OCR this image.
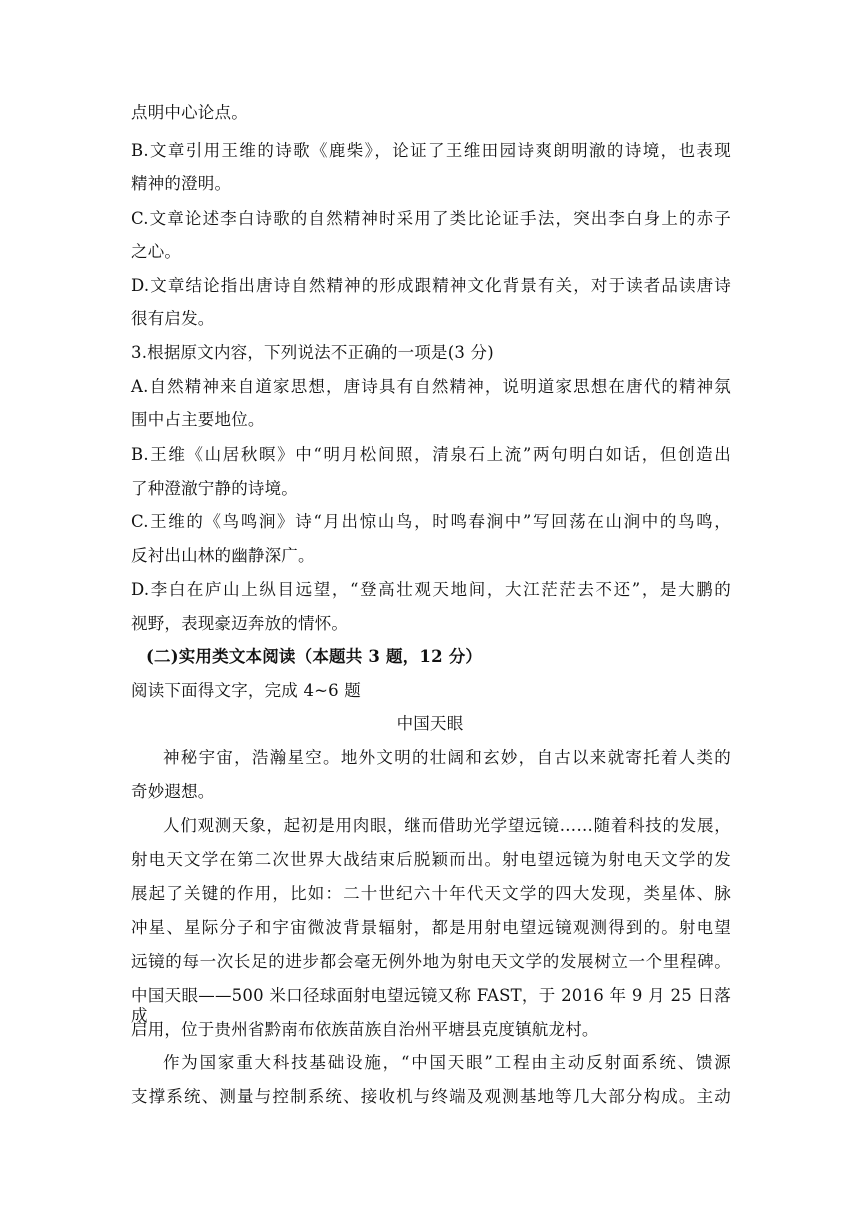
点明中心论点。
B.文章引用王维的诗歌《鹿柴》，论证了王维田园诗爽朗明澈的诗境，也表现
精神的澄明。
C.文章论述李白诗歌的自然精神时采用了类比论证手法，突出李白身上的赤子
之心。
D.文章结论指出唐诗自然精神的形成跟精神文化背景有关，对于读者品读唐诗
很有启发。
3.根据原文内容，下列说法不正确的一项是(3 分)
A.自然精神来自道家思想，唐诗具有自然精神，说明道家思想在唐代的精神氛
围中占主要地位。
B.王维《山居秋暝》中“明月松间照，清泉石上流”两句明白如话，但创造出
了种澄澈宁静的诗境。
C.王维的《鸟鸣涧》诗“月出惊山鸟，时鸣春涧中”写回荡在山涧中的鸟鸣，
反衬出山林的幽静深广。
D.李白在庐山上纵目远望，“登高壮观天地间，大江茫茫去不还”，是大鹏的
视野，表现豪迈奔放的情怀。
(二)实用类文本阅读（本题共 3 题，12 分）
阅读下面得文字，完成 4~6 题
中国天眼
神秘宇宙，浩瀚星空。地外文明的壮阔和玄妙，自古以来就寄托着人类的
奇妙遐想。
人们观测天象，起初是用肉眼，继而借助光学望远镜……随着科技的发展，
射电天文学在第二次世界大战结束后脱颖而出。射电望远镜为射电天文学的发
展起了关键的作用，比如：二十世纪六十年代天文学的四大发现，类星体、脉
冲星、星际分子和宇宙微波背景辐射，都是用射电望远镜观测得到的。射电望
远镜的每一次长足的进步都会毫无例外地为射电天文学的发展树立一个里程碑。
中国天眼——500 米口径球面射电望远镜又称 FAST，于 2016 年 9 月 25 日落成
启用，位于贵州省黔南布依族苗族自治州平塘县克度镇航龙村。
作为国家重大科技基础设施，“中国天眼”工程由主动反射面系统、馈源
支撑系统、测量与控制系统、接收机与终端及观测基地等几大部分构成。主动
